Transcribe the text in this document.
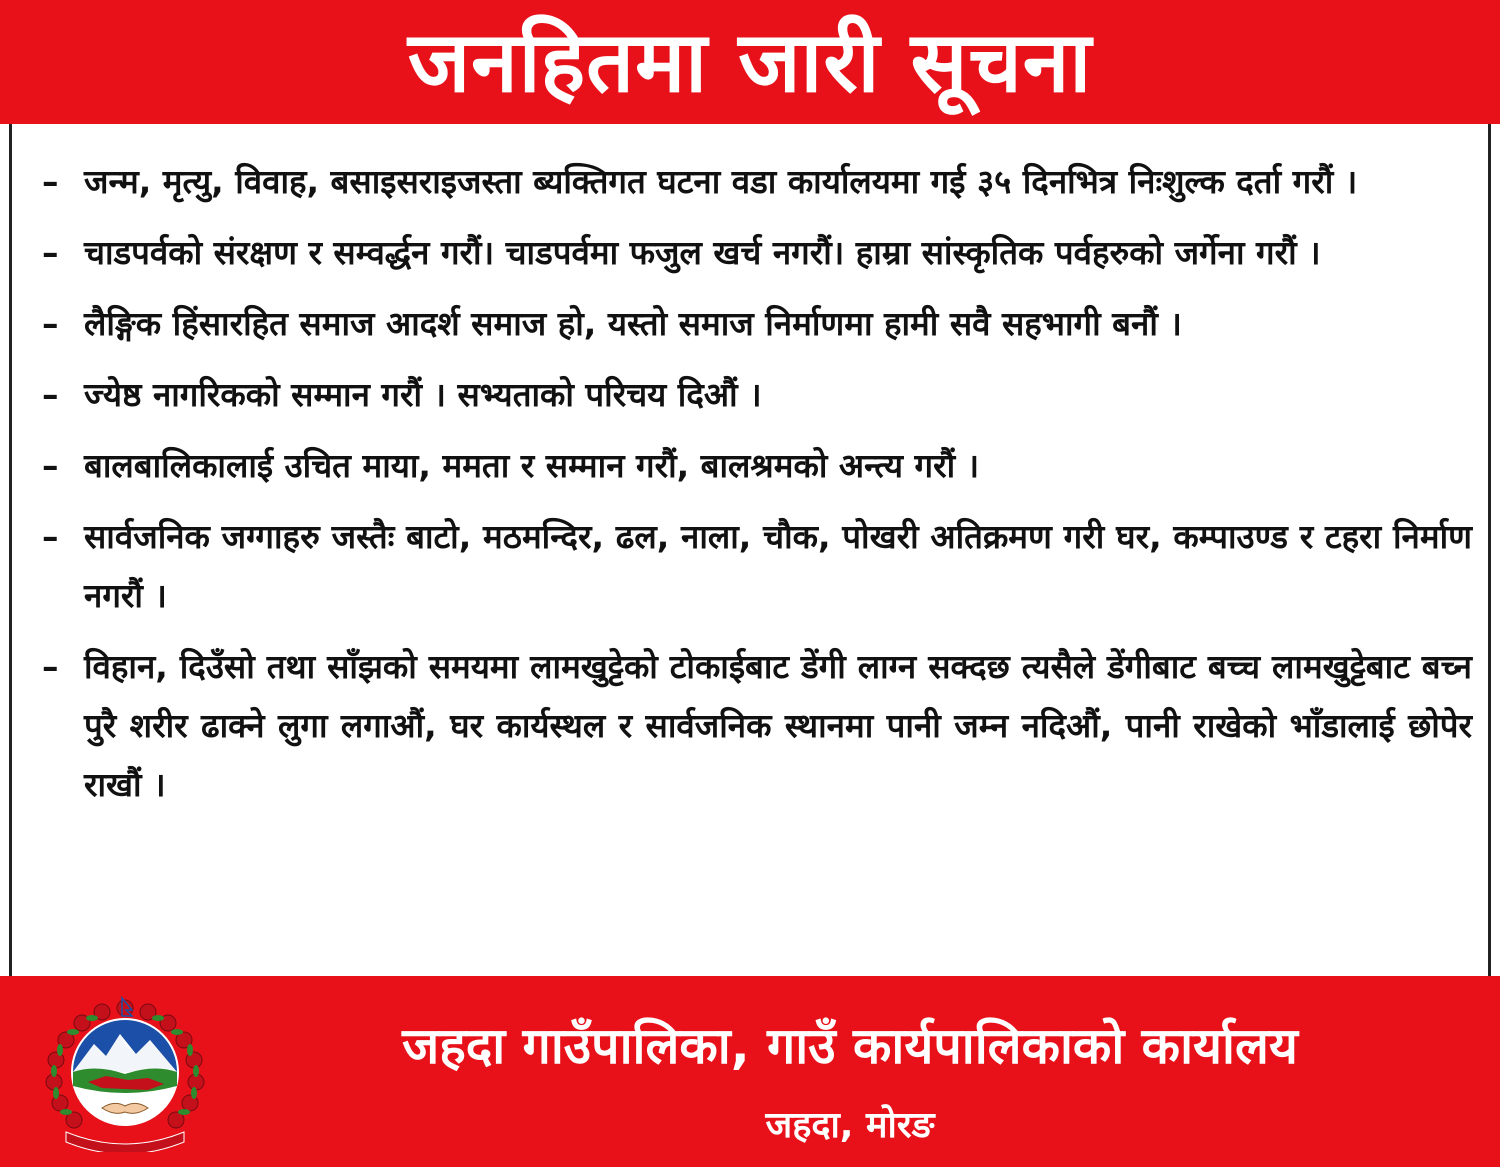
जनहितमा जारी सूचना
– जन्म, मृत्यु, विवाह, बसाइसराइजस्ता ब्यक्तिगत घटना वडा कार्यालयमा गई ३५ दिनभित्र निःशुल्क दर्ता गरौं ।
– चाडपर्वको संरक्षण र सम्वर्द्धन गरौं। चाडपर्वमा फजुल खर्च नगरौं। हाम्रा सांस्कृतिक पर्वहरुको जर्गेना गरौं ।
– लैङ्गिक हिंसारहित समाज आदर्श समाज हो, यस्तो समाज निर्माणमा हामी सवै सहभागी बनौं ।
– ज्येष्ठ नागरिकको सम्मान गरौं । सभ्यताको परिचय दिऔं ।
– बालबालिकालाई उचित माया, ममता र सम्मान गरौं, बालश्रमको अन्त्य गरौं ।
– सार्वजनिक जग्गाहरु जस्तैः बाटो, मठमन्दिर, ढल, नाला, चौक, पोखरी अतिक्रमण गरी घर, कम्पाउण्ड र टहरा निर्माण नगरौं ।
– विहान, दिउँसो तथा साँझको समयमा लामखुट्टेको टोकाईबाट डेंगी लाग्न सक्दछ त्यसैले डेंगीबाट बच्च लामखुट्टेबाट बच्न पुरै शरीर ढाक्ने लुगा लगाऔं, घर कार्यस्थल र सार्वजनिक स्थानमा पानी जम्न नदिऔं, पानी राखेको भाँडालाई छोपेर राखौं ।
जहदा गाउँपालिका, गाउँ कार्यपालिकाको कार्यालय
जहदा, मोरङ
